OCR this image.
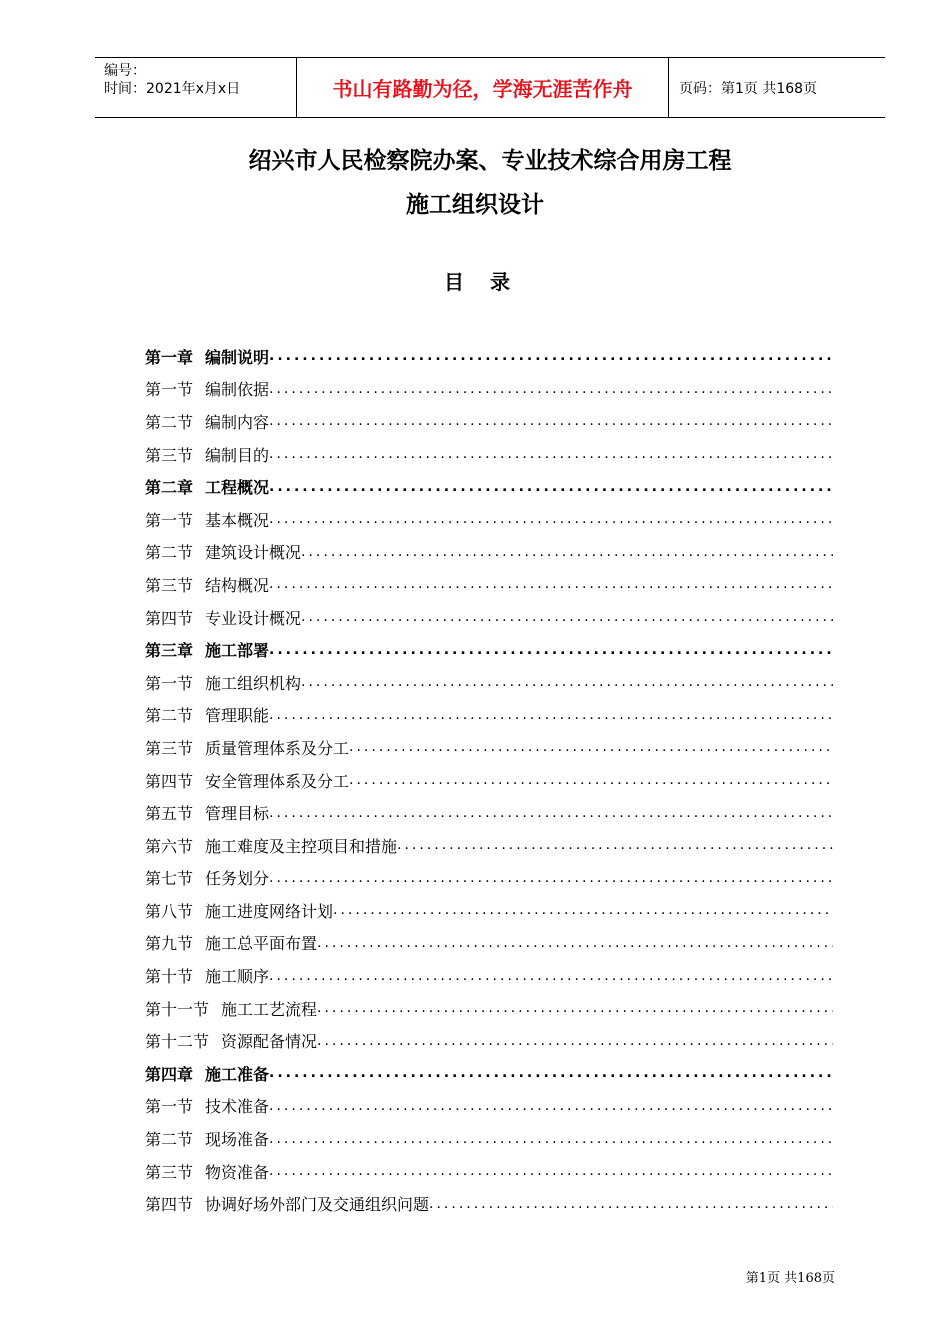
编号：
时间：2021年x月x日	书山有路勤为径，学海无涯苦作舟	页码：第1页 共168页
绍兴市人民检察院办案、专业技术综合用房工程
施工组织设计
目录
第一章 编制说明
.....
第一节 编制依据
.....
第二节 编制内容
.....
第三节 编制目的
.....
第二章 工程概况
.....
第一节 基本概况
.....
第二节 建筑设计概况
.....
第三节 结构概况
.....
第四节 专业设计概况
.....
第三章 施工部署
.....
第一节 施工组织机构
.....
第二节 管理职能
.....
第三节 质量管理体系及分工
.....
第四节 安全管理体系及分工
.....
第五节 管理目标
.....
第六节 施工难度及主控项目和措施
.....
第七节 任务划分
.....
第八节 施工进度网络计划
.....
第九节 施工总平面布置
.....
第十节 施工顺序
.....
第十一节 施工工艺流程
.....
第十二节 资源配备情况
.....
第四章 施工准备
.....
第一节 技术准备
.....
第二节 现场准备
.....
第三节 物资准备
.....
第四节 协调好场外部门及交通组织问题
.....
第1页 共168页
